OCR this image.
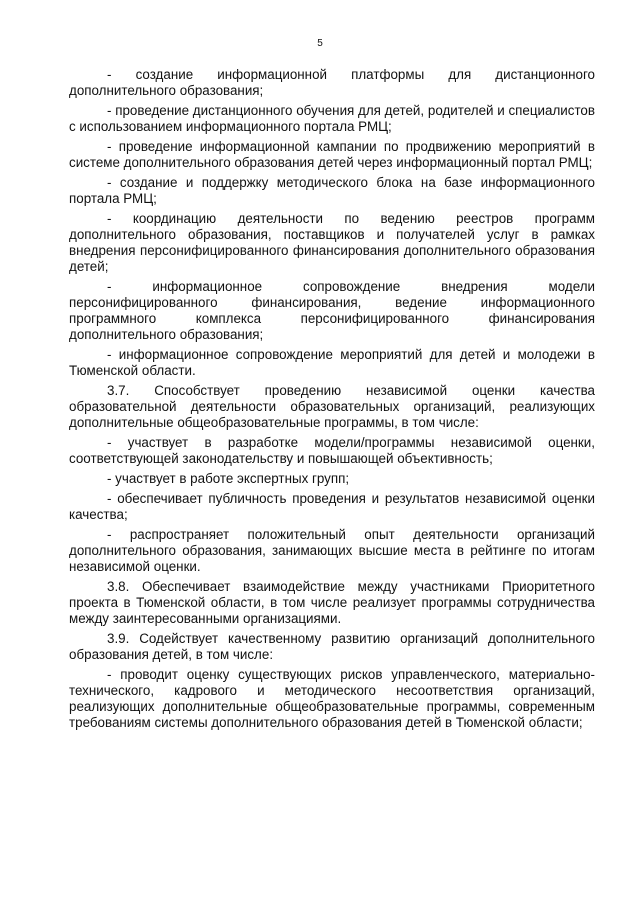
5

- создание информационной платформы для дистанционного дополнительного образования;

- проведение дистанционного обучения для детей, родителей и специалистов с использованием информационного портала РМЦ;

- проведение информационной кампании по продвижению мероприятий в системе дополнительного образования детей через информационный портал РМЦ;

- создание и поддержку методического блока на базе информационного портала РМЦ;

- координацию деятельности по ведению реестров программ дополнительного образования, поставщиков и получателей услуг в рамках внедрения персонифицированного финансирования дополнительного образования детей;

- информационное сопровождение внедрения модели персонифицированного финансирования, ведение информационного программного комплекса персонифицированного финансирования дополнительного образования;

- информационное сопровождение мероприятий для детей и молодежи в Тюменской области.

3.7. Способствует проведению независимой оценки качества образовательной деятельности образовательных организаций, реализующих дополнительные общеобразовательные программы, в том числе:

- участвует в разработке модели/программы независимой оценки, соответствующей законодательству и повышающей объективность;

- участвует в работе экспертных групп;

- обеспечивает публичность проведения и результатов независимой оценки качества;

- распространяет положительный опыт деятельности организаций дополнительного образования, занимающих высшие места в рейтинге по итогам независимой оценки.

3.8. Обеспечивает взаимодействие между участниками Приоритетного проекта в Тюменской области, в том числе реализует программы сотрудничества между заинтересованными организациями.

3.9. Содействует качественному развитию организаций дополнительного образования детей, в том числе:

- проводит оценку существующих рисков управленческого, материально-технического, кадрового и методического несоответствия организаций, реализующих дополнительные общеобразовательные программы, современным требованиям системы дополнительного образования детей в Тюменской области;
